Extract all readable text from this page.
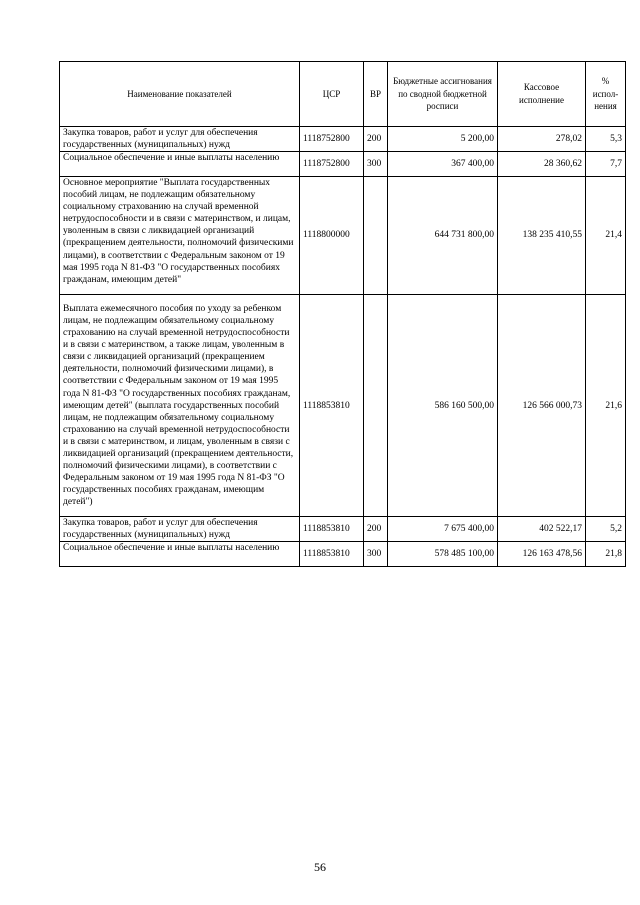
Наименование показателей	ЦСР	ВР	Бюджетные ассигнования по сводной бюджетной росписи	Кассовое исполнение	% испол-нения
Закупка товаров, работ и услуг для обеспечения государственных (муниципальных) нужд	1118752800	200	5 200,00	278,02	5,3
Социальное обеспечение и иные выплаты населению	1118752800	300	367 400,00	28 360,62	7,7
Основное мероприятие "Выплата государственных пособий лицам, не подлежащим обязательному социальному страхованию на случай временной нетрудоспособности и в связи с материнством, и лицам, уволенным в связи с ликвидацией организаций (прекращением деятельности, полномочий физическими лицами), в соответствии с Федеральным законом от 19 мая 1995 года N 81-ФЗ "О государственных пособиях гражданам, имеющим детей"	1118800000		644 731 800,00	138 235 410,55	21,4
Выплата ежемесячного пособия по уходу за ребенком лицам, не подлежащим обязательному социальному страхованию на случай временной нетрудоспособности и в связи с материнством, а также лицам, уволенным в связи с ликвидацией организаций (прекращением деятельности, полномочий физическими лицами), в соответствии с Федеральным законом от 19 мая 1995 года N 81-ФЗ "О государственных пособиях гражданам, имеющим детей" (выплата государственных пособий лицам, не подлежащим обязательному социальному страхованию на случай временной нетрудоспособности и в связи с материнством, и лицам, уволенным в связи с ликвидацией организаций (прекращением деятельности, полномочий физическими лицами), в соответствии с Федеральным законом от 19 мая 1995 года N 81-ФЗ "О государственных пособиях гражданам, имеющим детей")	1118853810		586 160 500,00	126 566 000,73	21,6
Закупка товаров, работ и услуг для обеспечения государственных (муниципальных) нужд	1118853810	200	7 675 400,00	402 522,17	5,2
Социальное обеспечение и иные выплаты населению	1118853810	300	578 485 100,00	126 163 478,56	21,8
56
